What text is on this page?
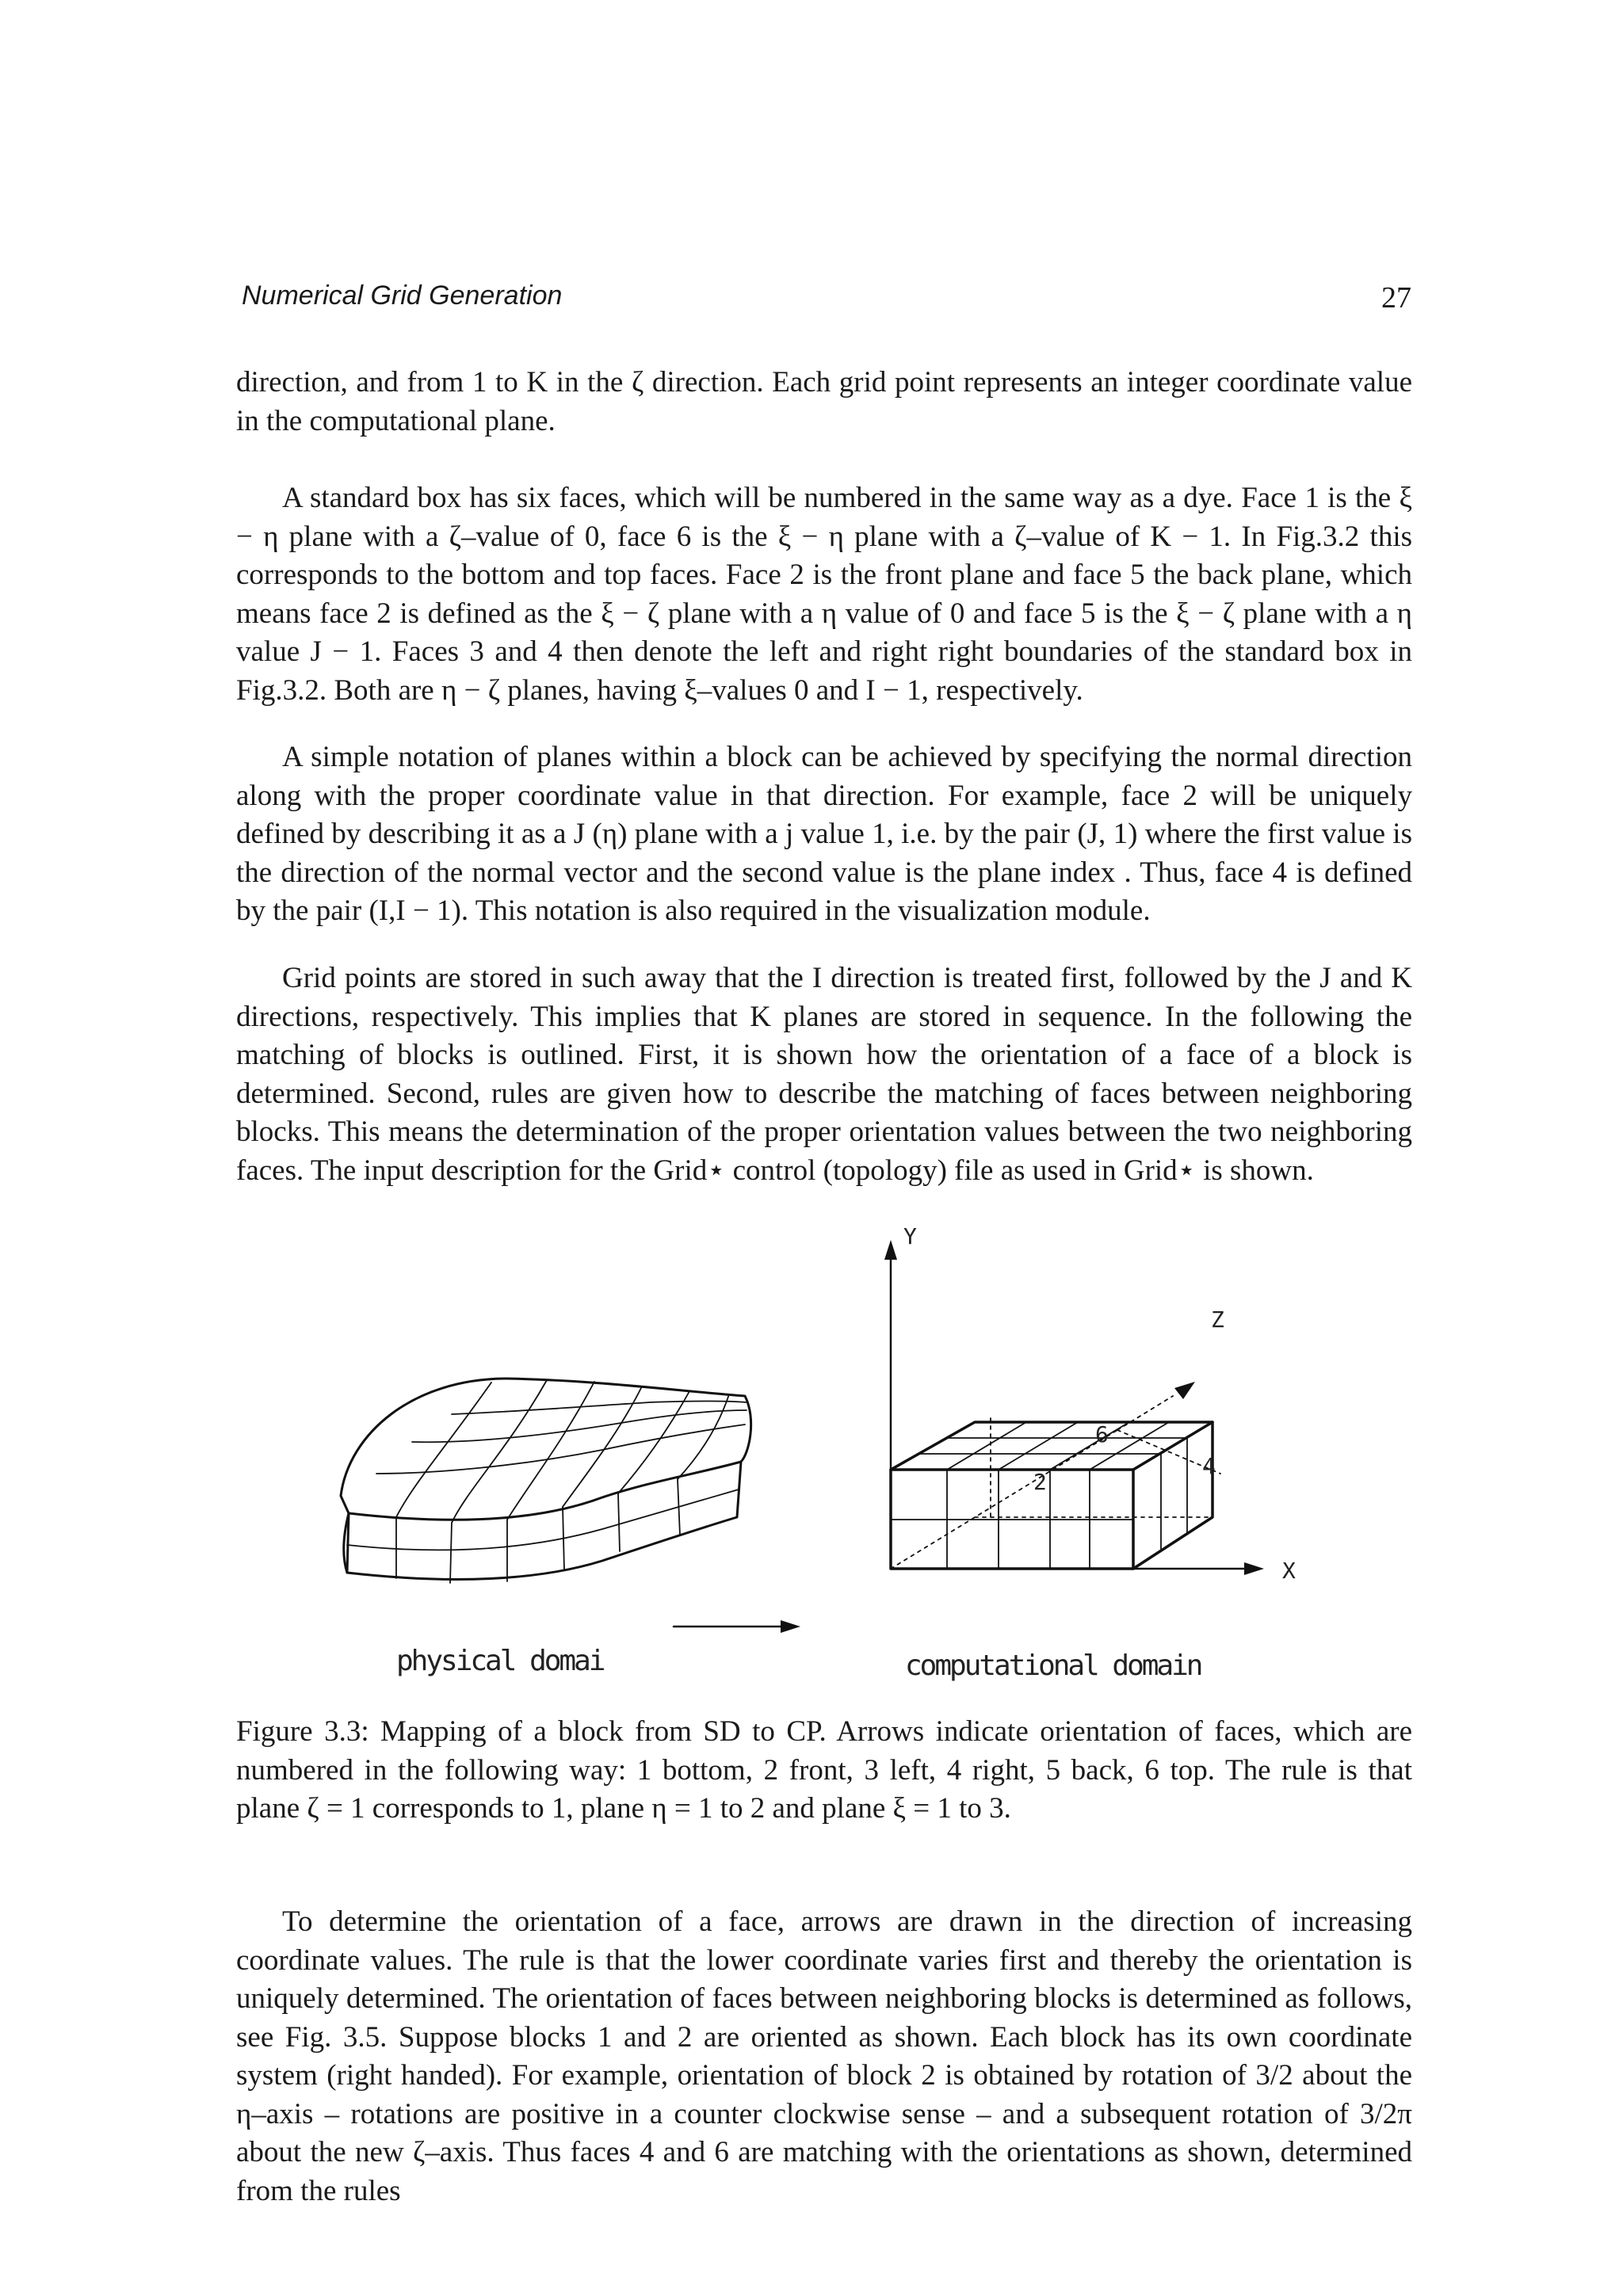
Numerical Grid Generation	27

direction, and from 1 to K in the ζ direction. Each grid point represents an integer coordinate value in the computational plane.

A standard box has six faces, which will be numbered in the same way as a dye. Face 1 is the ξ − η plane with a ζ–value of 0, face 6 is the ξ − η plane with a ζ–value of K − 1. In Fig.3.2 this corresponds to the bottom and top faces. Face 2 is the front plane and face 5 the back plane, which means face 2 is defined as the ξ − ζ plane with a η value of 0 and face 5 is the ξ − ζ plane with a η value J − 1. Faces 3 and 4 then denote the left and right right boundaries of the standard box in Fig.3.2. Both are η − ζ planes, having ξ–values 0 and I − 1, respectively.

A simple notation of planes within a block can be achieved by specifying the normal direction along with the proper coordinate value in that direction. For example, face 2 will be uniquely defined by describing it as a J (η) plane with a j value 1, i.e. by the pair (J, 1) where the first value is the direction of the normal vector and the second value is the plane index . Thus, face 4 is defined by the pair (I,I − 1). This notation is also required in the visualization module.

Grid points are stored in such away that the I direction is treated first, followed by the J and K directions, respectively. This implies that K planes are stored in sequence. In the following the matching of blocks is outlined. First, it is shown how the orientation of a face of a block is determined. Second, rules are given how to describe the matching of faces between neighboring blocks. This means the determination of the proper orientation values between the two neighboring faces. The input description for the Grid⋆ control (topology) file as used in Grid⋆ is shown.

Y
Z
X
6
4
2
physical domai	computational domain

Figure 3.3: Mapping of a block from SD to CP. Arrows indicate orientation of faces, which are numbered in the following way: 1 bottom, 2 front, 3 left, 4 right, 5 back, 6 top. The rule is that plane ζ = 1 corresponds to 1, plane η = 1 to 2 and plane ξ = 1 to 3.

To determine the orientation of a face, arrows are drawn in the direction of increasing coordinate values. The rule is that the lower coordinate varies first and thereby the orientation is uniquely determined. The orientation of faces between neighboring blocks is determined as follows, see Fig. 3.5. Suppose blocks 1 and 2 are oriented as shown. Each block has its own coordinate system (right handed). For example, orientation of block 2 is obtained by rotation of 3/2 about the η–axis – rotations are positive in a counter clockwise sense – and a subsequent rotation of 3/2π about the new ζ–axis. Thus faces 4 and 6 are matching with the orientations as shown, determined from the rules
